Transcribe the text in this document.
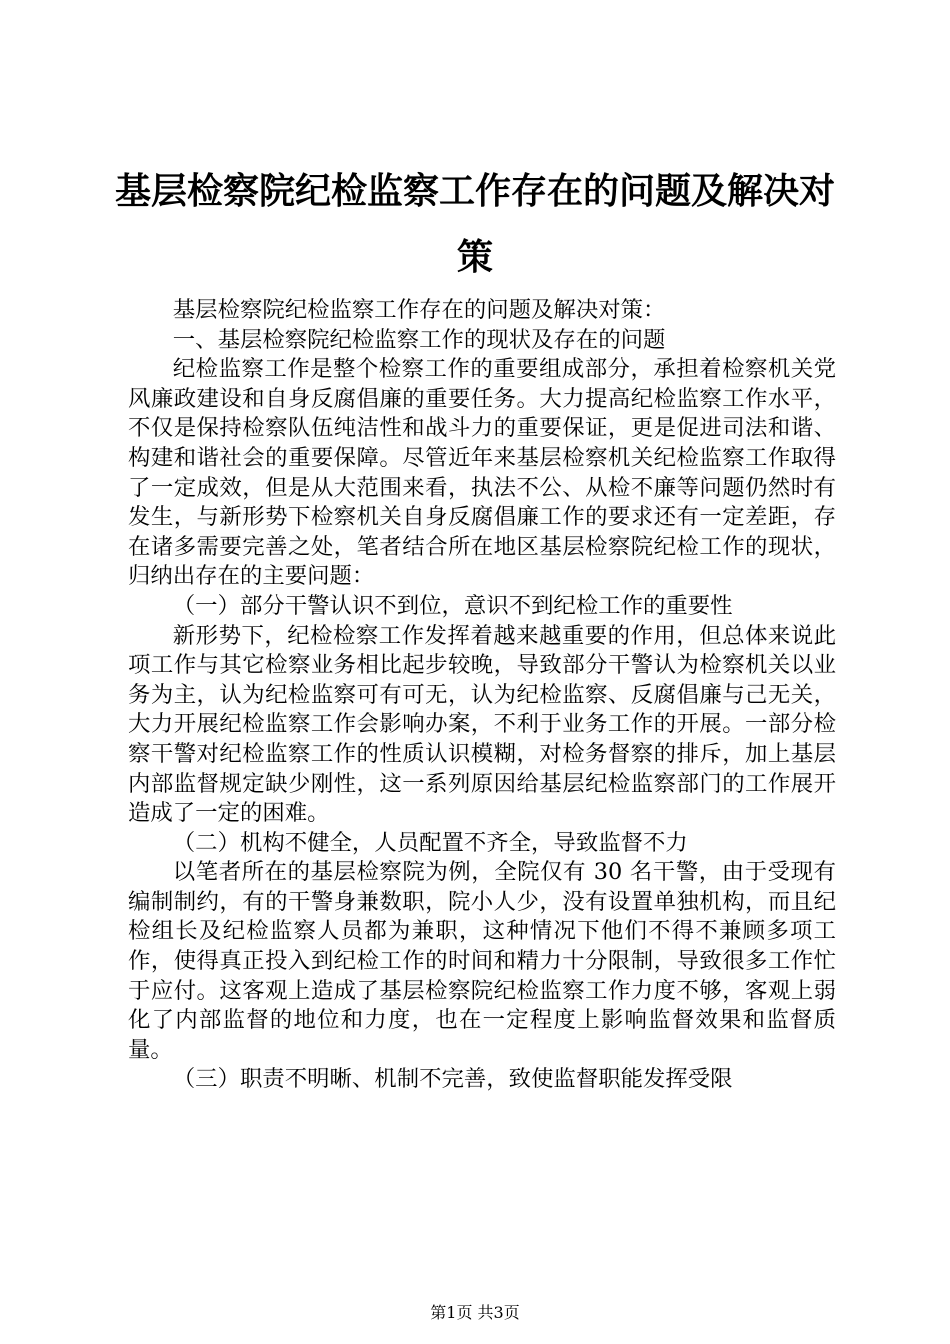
基层检察院纪检监察工作存在的问题及解决对策

基层检察院纪检监察工作存在的问题及解决对策：

一、基层检察院纪检监察工作的现状及存在的问题

纪检监察工作是整个检察工作的重要组成部分，承担着检察机关党风廉政建设和自身反腐倡廉的重要任务。大力提高纪检监察工作水平，不仅是保持检察队伍纯洁性和战斗力的重要保证，更是促进司法和谐、构建和谐社会的重要保障。尽管近年来基层检察机关纪检监察工作取得了一定成效，但是从大范围来看，执法不公、从检不廉等问题仍然时有发生，与新形势下检察机关自身反腐倡廉工作的要求还有一定差距，存在诸多需要完善之处，笔者结合所在地区基层检察院纪检工作的现状，归纳出存在的主要问题：

（一）部分干警认识不到位，意识不到纪检工作的重要性

新形势下，纪检检察工作发挥着越来越重要的作用，但总体来说此项工作与其它检察业务相比起步较晚，导致部分干警认为检察机关以业务为主，认为纪检监察可有可无，认为纪检监察、反腐倡廉与己无关，大力开展纪检监察工作会影响办案，不利于业务工作的开展。一部分检察干警对纪检监察工作的性质认识模糊，对检务督察的排斥，加上基层内部监督规定缺少刚性，这一系列原因给基层纪检监察部门的工作展开造成了一定的困难。

（二）机构不健全，人员配置不齐全，导致监督不力

以笔者所在的基层检察院为例，全院仅有 30 名干警，由于受现有编制制约，有的干警身兼数职，院小人少，没有设置单独机构，而且纪检组长及纪检监察人员都为兼职，这种情况下他们不得不兼顾多项工作，使得真正投入到纪检工作的时间和精力十分限制，导致很多工作忙于应付。这客观上造成了基层检察院纪检监察工作力度不够，客观上弱化了内部监督的地位和力度，也在一定程度上影响监督效果和监督质量。

（三）职责不明晰、机制不完善，致使监督职能发挥受限

第1页 共3页
